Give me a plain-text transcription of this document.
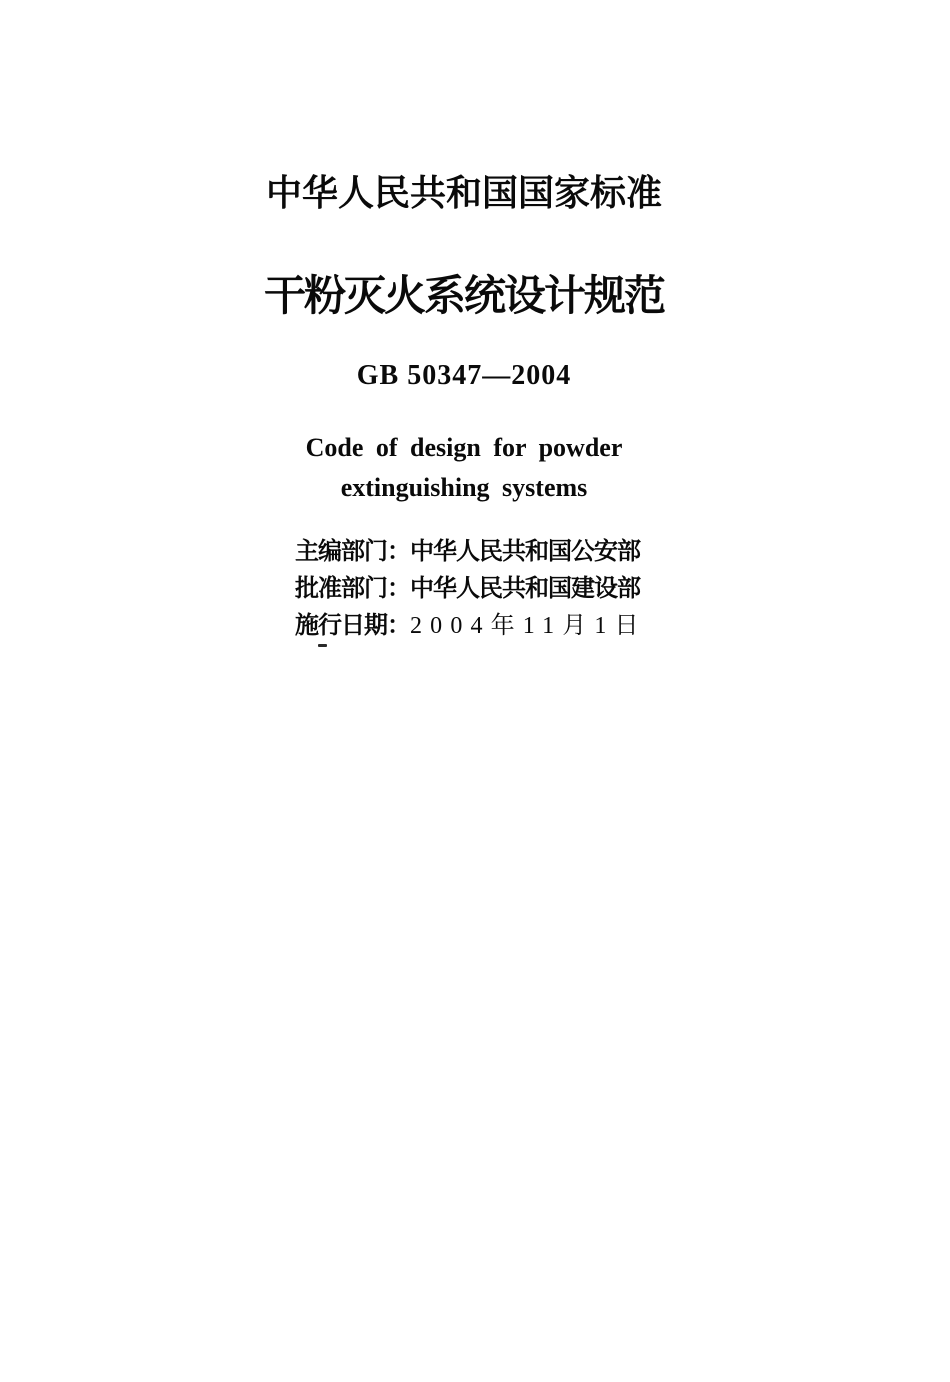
中华人民共和国国家标准
干粉灭火系统设计规范
GB 50347—2004
Code of design for powder
extinguishing systems
主编部门：中华人民共和国公安部
批准部门：中华人民共和国建设部
施行日期：2004年11月1日
